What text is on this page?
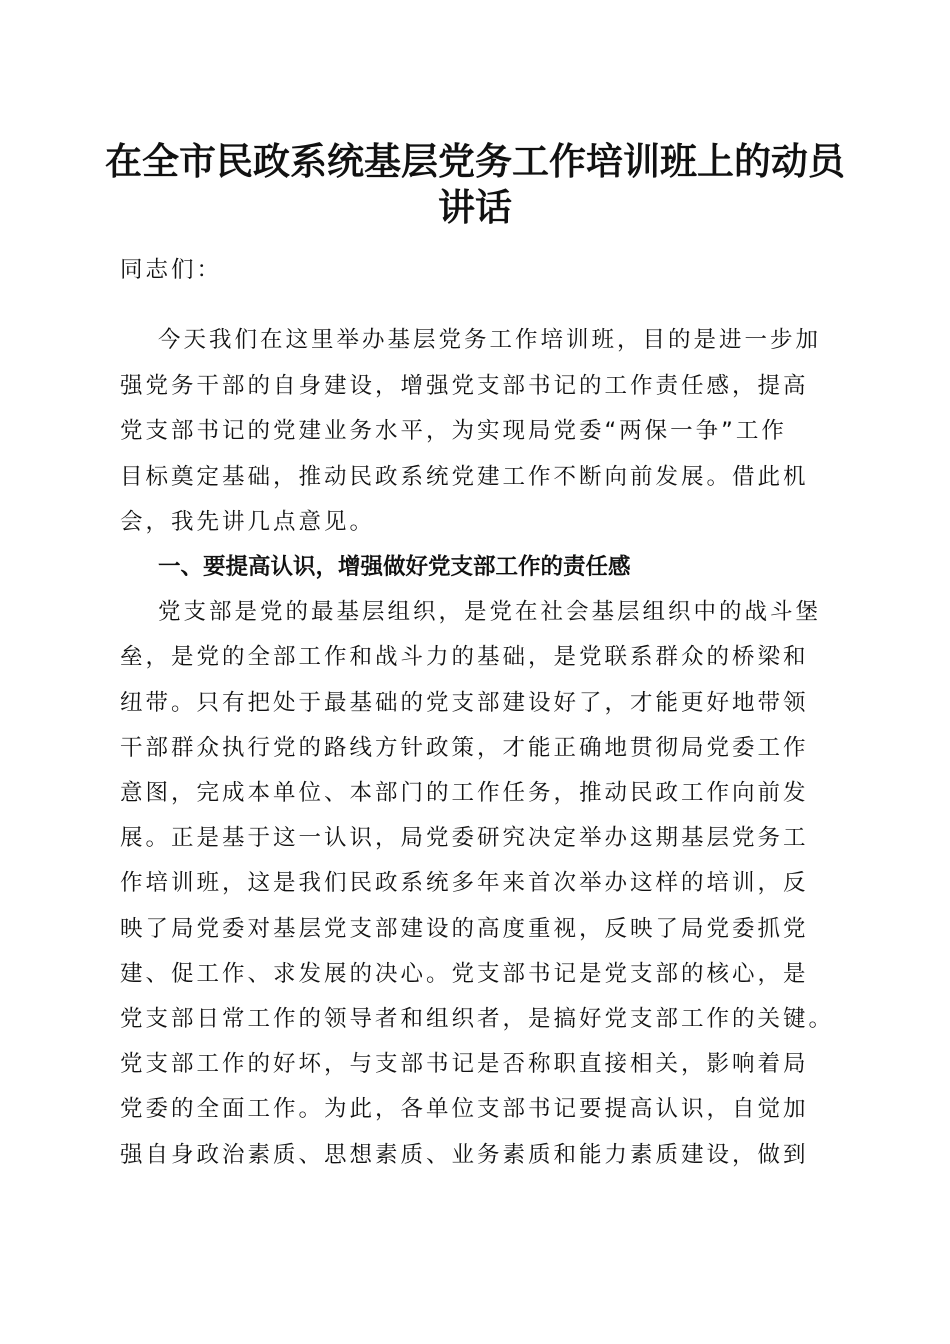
在全市民政系统基层党务工作培训班上的动员
讲话

同志们：

今天我们在这里举办基层党务工作培训班，目的是进一步加

强党务干部的自身建设，增强党支部书记的工作责任感，提高

党支部书记的党建业务水平，为实现局党委“两保一争”工作

目标奠定基础，推动民政系统党建工作不断向前发展。借此机

会，我先讲几点意见。

一、要提高认识，增强做好党支部工作的责任感

党支部是党的最基层组织，是党在社会基层组织中的战斗堡

垒，是党的全部工作和战斗力的基础，是党联系群众的桥梁和

纽带。只有把处于最基础的党支部建设好了，才能更好地带领

干部群众执行党的路线方针政策，才能正确地贯彻局党委工作

意图，完成本单位、本部门的工作任务，推动民政工作向前发

展。正是基于这一认识，局党委研究决定举办这期基层党务工

作培训班，这是我们民政系统多年来首次举办这样的培训，反

映了局党委对基层党支部建设的高度重视，反映了局党委抓党

建、促工作、求发展的决心。党支部书记是党支部的核心，是

党支部日常工作的领导者和组织者，是搞好党支部工作的关键。

党支部工作的好坏，与支部书记是否称职直接相关，影响着局

党委的全面工作。为此，各单位支部书记要提高认识，自觉加

强自身政治素质、思想素质、业务素质和能力素质建设，做到
